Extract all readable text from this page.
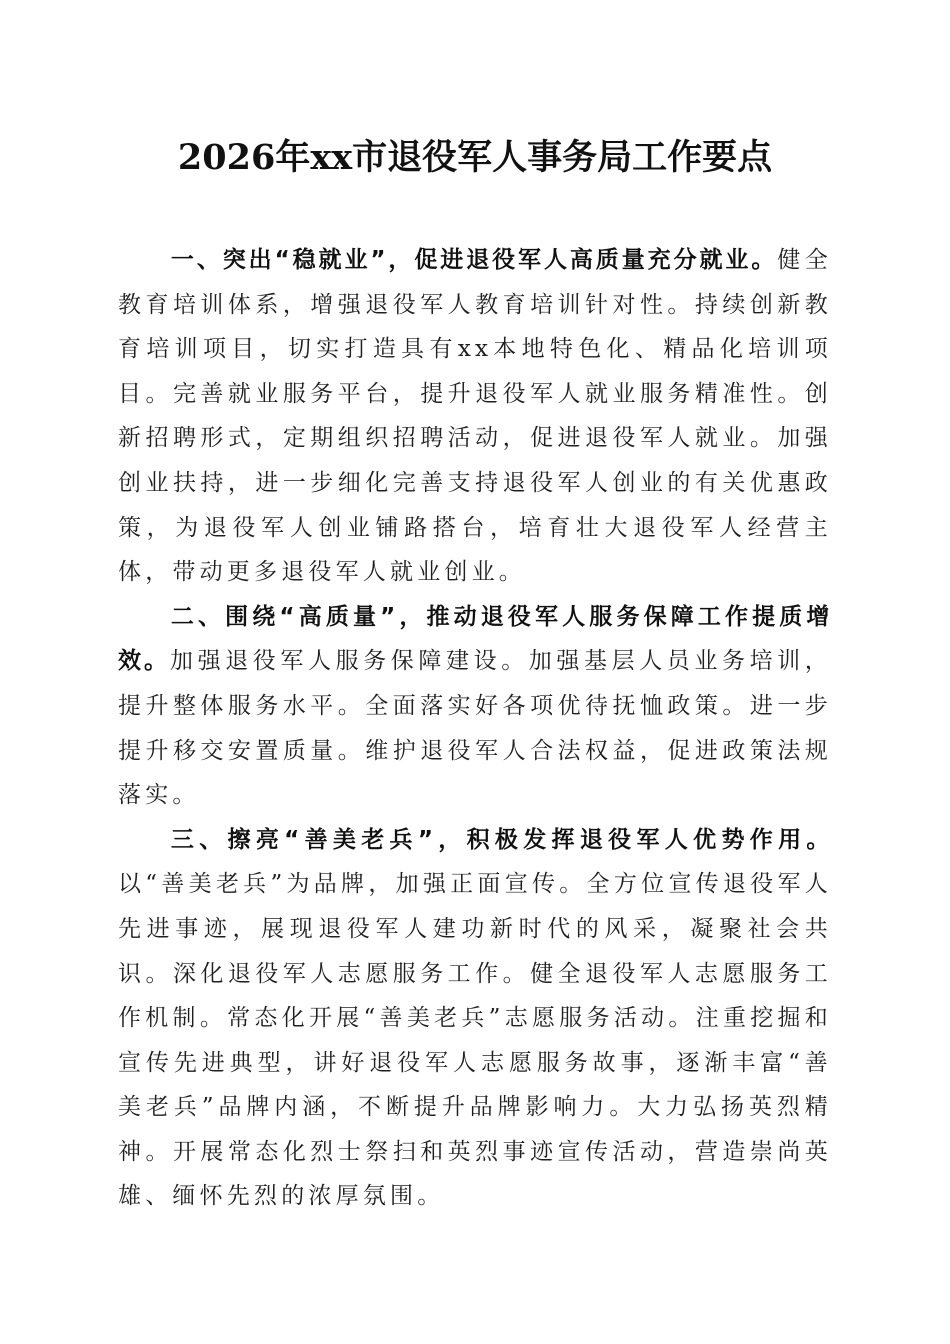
2026年xx市退役军人事务局工作要点

一、突出“稳就业”，促进退役军人高质量充分就业。健全教育培训体系，增强退役军人教育培训针对性。持续创新教育培训项目，切实打造具有xx本地特色化、精品化培训项目。完善就业服务平台，提升退役军人就业服务精准性。创新招聘形式，定期组织招聘活动，促进退役军人就业。加强创业扶持，进一步细化完善支持退役军人创业的有关优惠政策，为退役军人创业铺路搭台，培育壮大退役军人经营主体，带动更多退役军人就业创业。

二、围绕“高质量”，推动退役军人服务保障工作提质增效。加强退役军人服务保障建设。加强基层人员业务培训，提升整体服务水平。全面落实好各项优待抚恤政策。进一步提升移交安置质量。维护退役军人合法权益，促进政策法规落实。

三、擦亮“善美老兵”，积极发挥退役军人优势作用。以“善美老兵”为品牌，加强正面宣传。全方位宣传退役军人先进事迹，展现退役军人建功新时代的风采，凝聚社会共识。深化退役军人志愿服务工作。健全退役军人志愿服务工作机制。常态化开展“善美老兵”志愿服务活动。注重挖掘和宣传先进典型，讲好退役军人志愿服务故事，逐渐丰富“善美老兵”品牌内涵，不断提升品牌影响力。大力弘扬英烈精神。开展常态化烈士祭扫和英烈事迹宣传活动，营造崇尚英雄、缅怀先烈的浓厚氛围。
